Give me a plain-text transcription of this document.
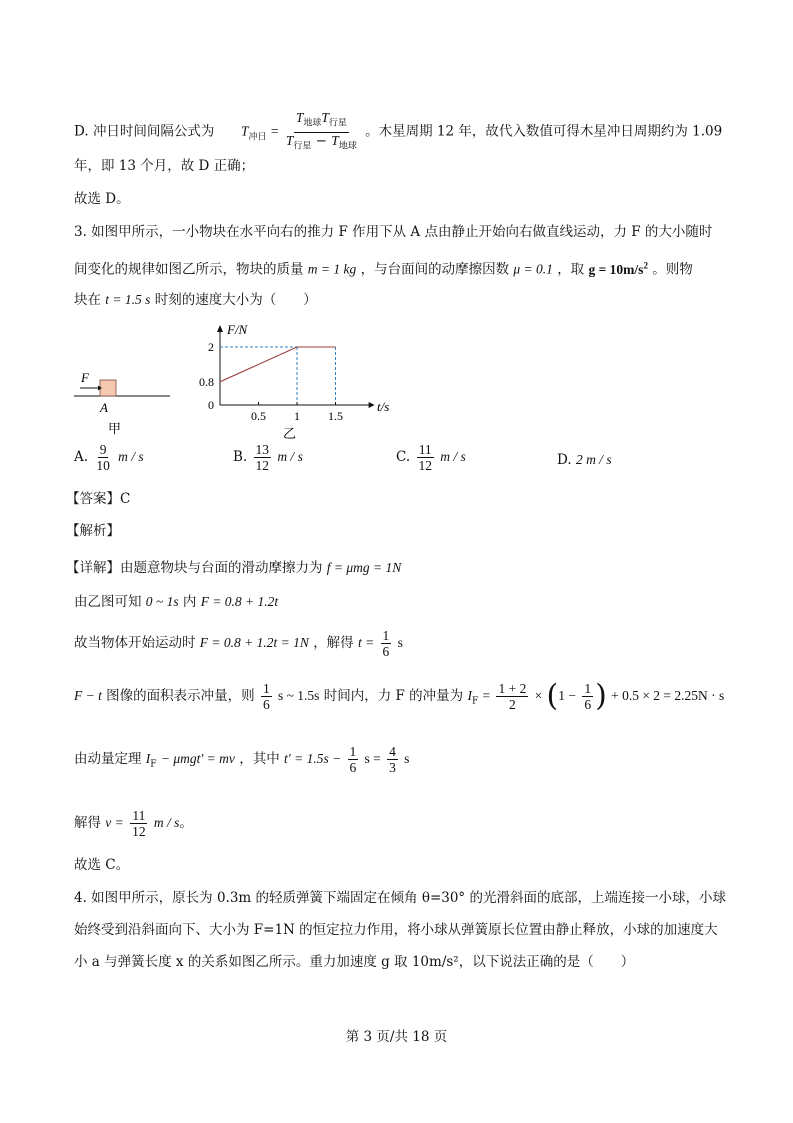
D. 冲日时间间隔公式为 $T_{冲日} = \frac{T_{地球}T_{行星}}{T_{行星} - T_{地球}}$ 。木星周期 12 年，故代入数值可得木星冲日周期约为 1.09
年，即 13 个月，故 D 正确；
故选 D。
3. 如图甲所示，一小物块在水平向右的推力 F 作用下从 A 点由静止开始向右做直线运动，力 F 的大小随时
间变化的规律如图乙所示，物块的质量 m = 1 kg ，与台面间的动摩擦因数 μ = 0.1 ，取 $g = 10m/s^2$ 。则物
块在 t = 1.5 s 时刻的速度大小为（　　）
F
A
甲
2
0.8
0
0.5 1 1.5
乙
F/N
t/s
A. $\frac{9}{10}$ m / s	B. $\frac{13}{12}$ m / s	C. $\frac{11}{12}$ m / s	D. 2 m / s
【答案】C
【解析】
【详解】由题意物块与台面的滑动摩擦力为 f = μmg = 1N
由乙图可知 0 ~ 1s 内 F = 0.8 + 1.2t
故当物体开始运动时 F = 0.8 + 1.2t = 1N ，解得 $t = \frac{1}{6}$ s
F − t 图像的面积表示冲量，则 $\frac{1}{6}$ s ~ 1.5s 时间内，力 F 的冲量为 $I_F = \frac{1 + 2}{2} \times (1 - \frac{1}{6}$ ) + 0.5 × 2 = 2.25N · s
由动量定理 $I_F - \mu mgt'$ = mv ，其中 $t' = 1.5s - \frac{1}{6}$ $s = \frac{4}{3}$ s
解得 $v = \frac{11}{12}$ m / s。
故选 C。
4. 如图甲所示，原长为 0.3m 的轻质弹簧下端固定在倾角 θ=30° 的光滑斜面的底部，上端连接一小球，小球
始终受到沿斜面向下、大小为 F=1N 的恒定拉力作用，将小球从弹簧原长位置由静止释放，小球的加速度大
小 a 与弹簧长度 x 的关系如图乙所示。重力加速度 g 取 10m/s²，以下说法正确的是（　　）
第 3 页/共 18 页
